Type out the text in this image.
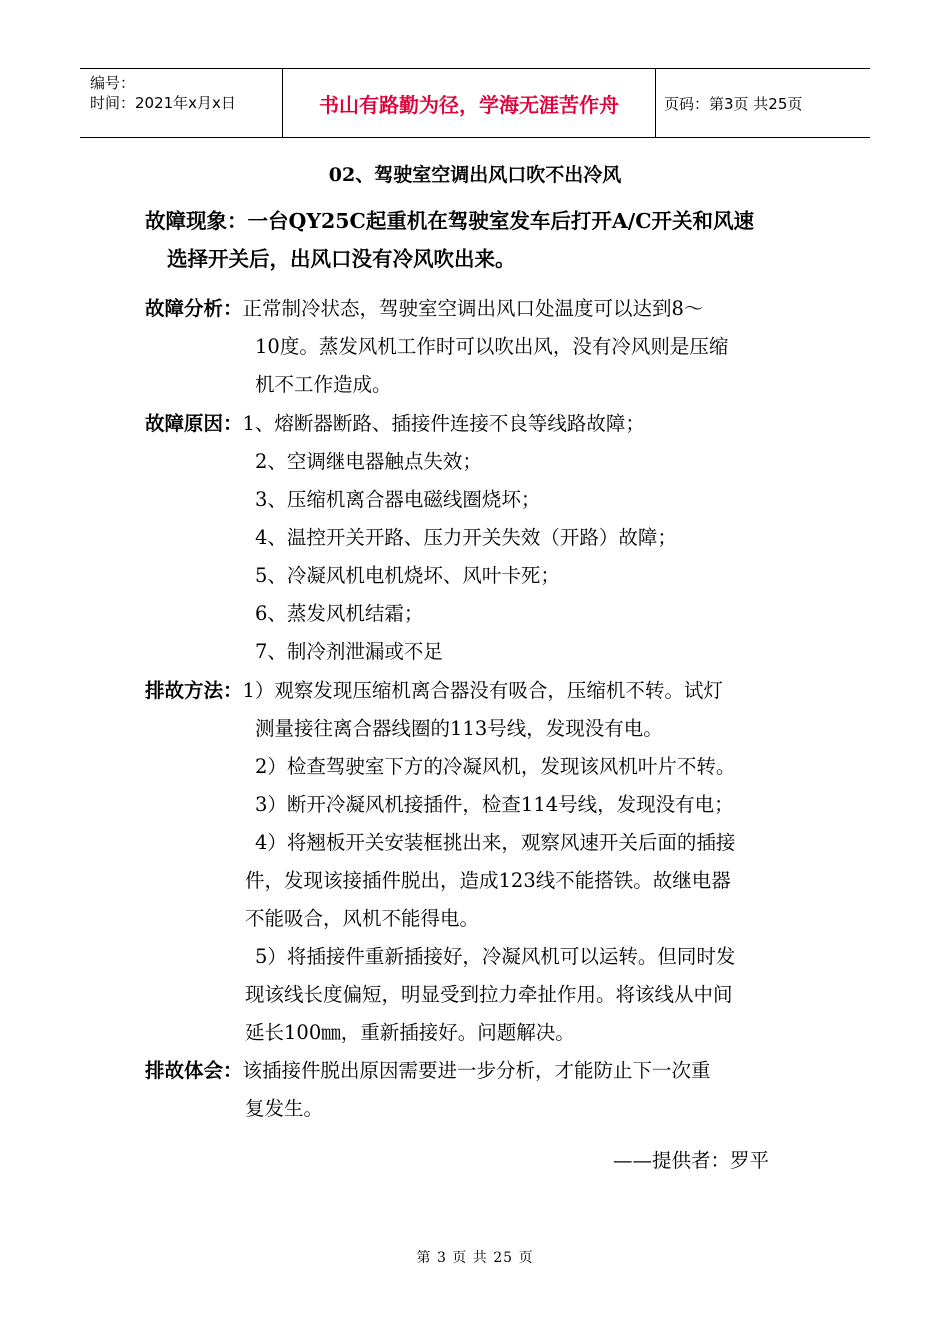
编号：
时间：2021年x月x日	书山有路勤为径，学海无涯苦作舟	页码：第3页 共25页
02、驾驶室空调出风口吹不出冷风
故障现象：一台QY25C起重机在驾驶室发车后打开A/C开关和风速
选择开关后，出风口没有冷风吹出来。
故障分析：正常制冷状态，驾驶室空调出风口处温度可以达到8～
10度。蒸发风机工作时可以吹出风，没有冷风则是压缩
机不工作造成。
故障原因：1、熔断器断路、插接件连接不良等线路故障；
2、空调继电器触点失效；
3、压缩机离合器电磁线圈烧坏；
4、温控开关开路、压力开关失效（开路）故障；
5、冷凝风机电机烧坏、风叶卡死；
6、蒸发风机结霜；
7、制冷剂泄漏或不足
排故方法：1）观察发现压缩机离合器没有吸合，压缩机不转。试灯
测量接往离合器线圈的113号线，发现没有电。
2）检查驾驶室下方的冷凝风机，发现该风机叶片不转。
3）断开冷凝风机接插件，检查114号线，发现没有电；
4）将翘板开关安装框挑出来，观察风速开关后面的插接
件，发现该接插件脱出，造成123线不能搭铁。故继电器
不能吸合，风机不能得电。
5）将插接件重新插接好，冷凝风机可以运转。但同时发
现该线长度偏短，明显受到拉力牵扯作用。将该线从中间
延长100㎜，重新插接好。问题解决。
排故体会：该插接件脱出原因需要进一步分析，才能防止下一次重
复发生。
——提供者：罗平
第 3 页 共 25 页
